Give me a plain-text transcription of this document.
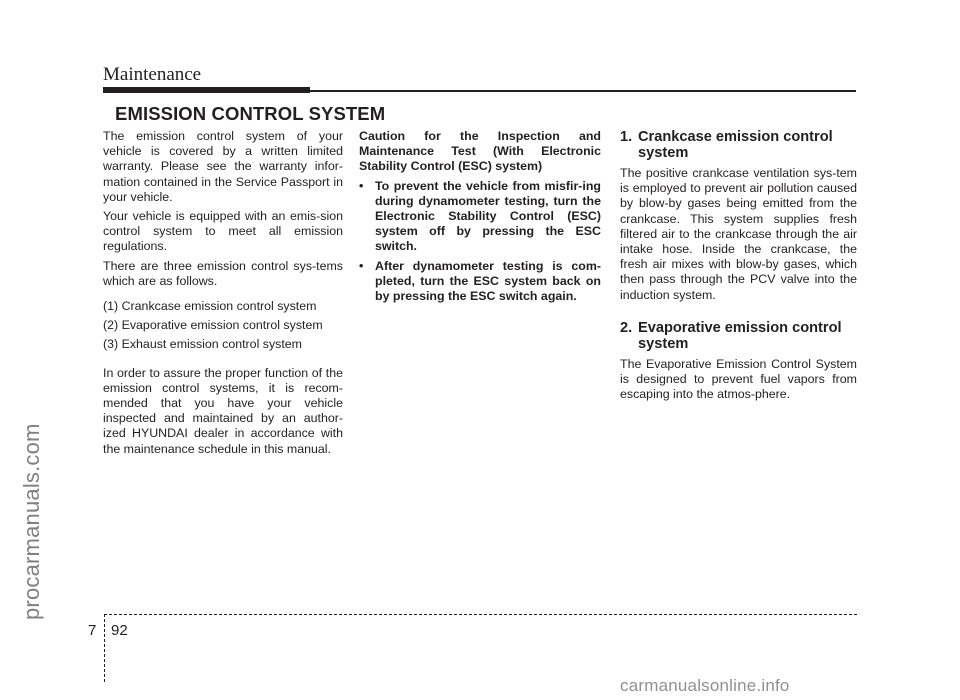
Maintenance
EMISSION CONTROL SYSTEM

The emission control system of your vehicle is covered by a written limited warranty. Please see the warranty infor-mation contained in the Service Passport in your vehicle.

Your vehicle is equipped with an emis-sion control system to meet all emission regulations.

There are three emission control sys-tems which are as follows.

(1) Crankcase emission control system

(2) Evaporative emission control system

(3) Exhaust emission control system

In order to assure the proper function of the emission control systems, it is recom-mended that you have your vehicle inspected and maintained by an author-ized HYUNDAI dealer in accordance with the maintenance schedule in this manual.

Caution for the Inspection and Maintenance Test (With Electronic Stability Control (ESC) system)

• To prevent the vehicle from misfir-ing during dynamometer testing, turn the Electronic Stability Control (ESC) system off by pressing the ESC switch.
• After dynamometer testing is com-pleted, turn the ESC system back on by pressing the ESC switch again.
1. Crankcase emission control system

The positive crankcase ventilation sys-tem is employed to prevent air pollution caused by blow-by gases being emitted from the crankcase. This system supplies fresh filtered air to the crankcase through the air intake hose. Inside the crankcase, the fresh air mixes with blow-by gases, which then pass through the PCV valve into the induction system.

2. Evaporative emission control system

The Evaporative Emission Control System is designed to prevent fuel vapors from escaping into the atmos-phere.

procarmanuals.com
7 92
carmanualsonline.info
